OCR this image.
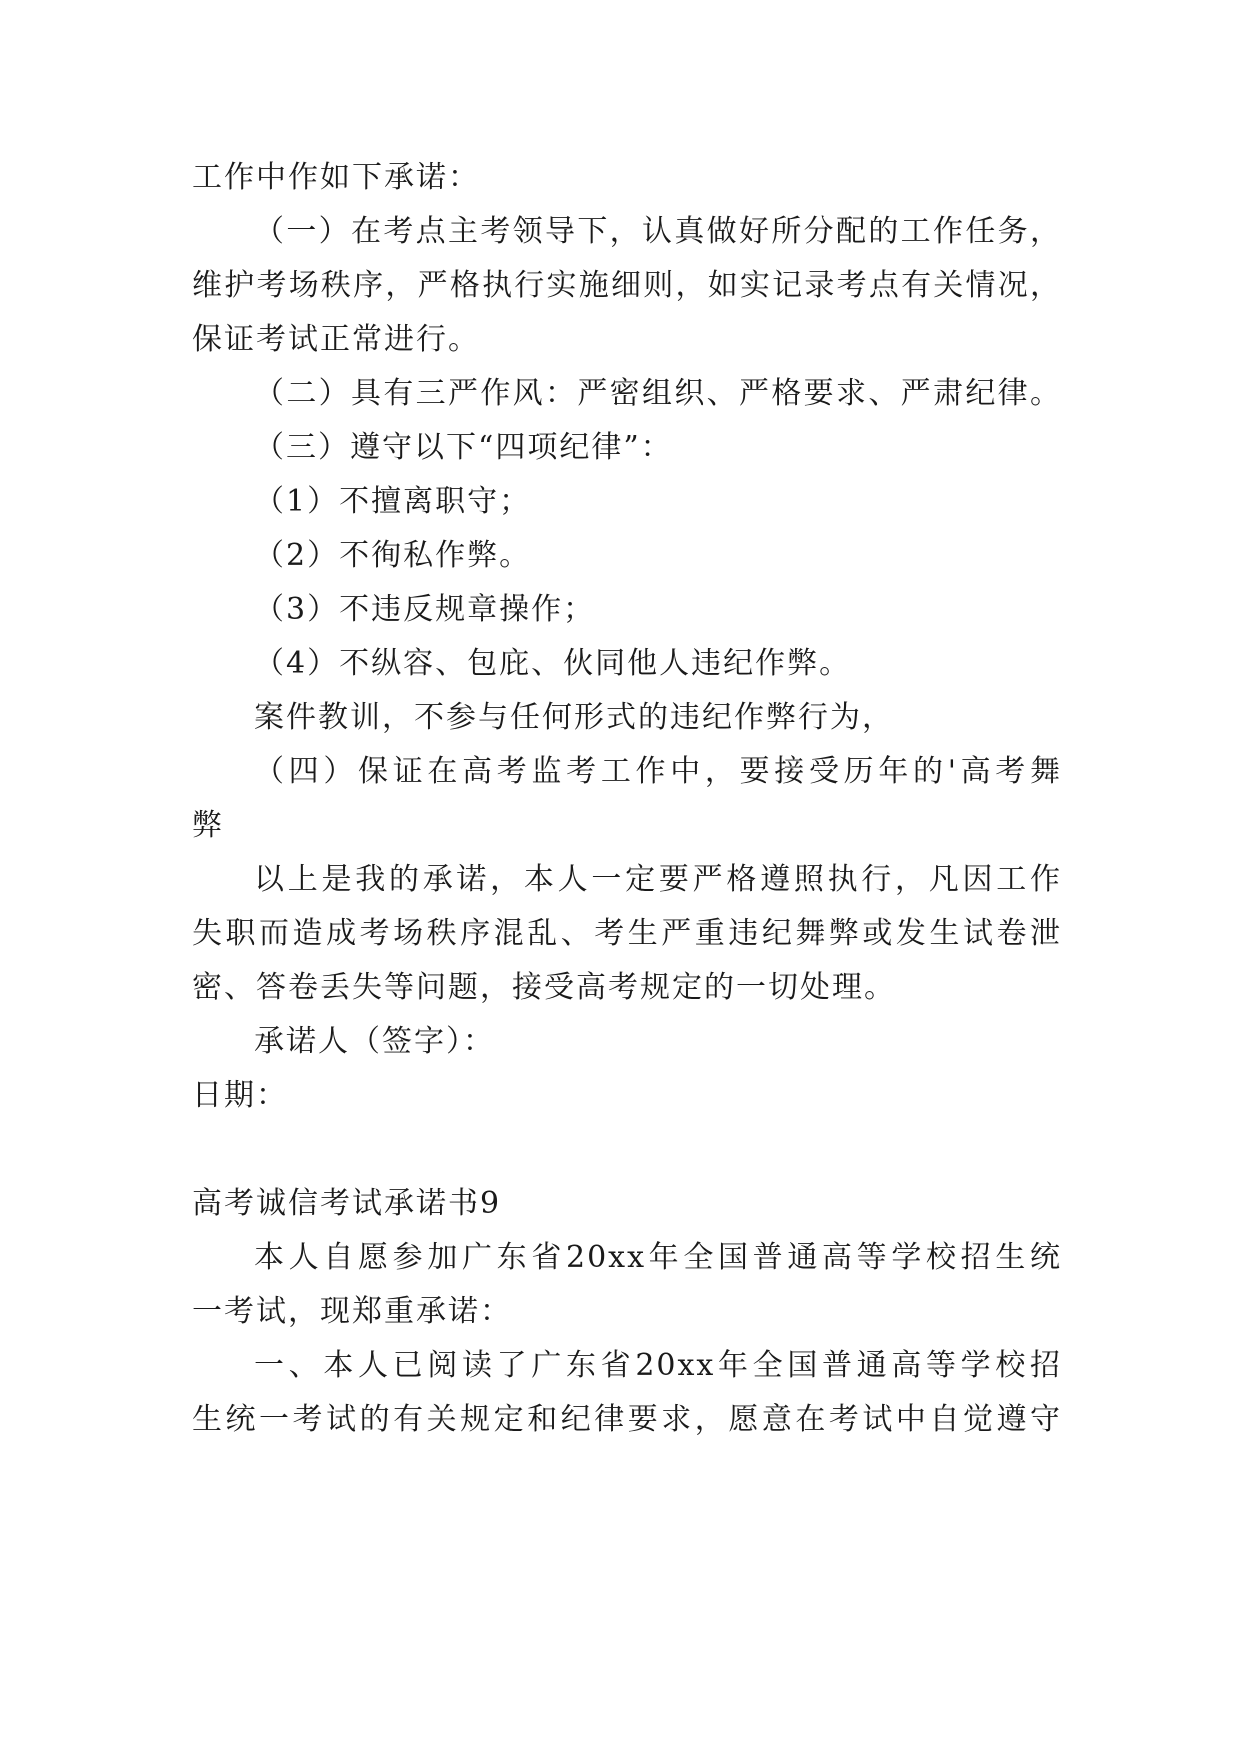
工作中作如下承诺：
（一）在考点主考领导下，认真做好所分配的工作任务，
维护考场秩序，严格执行实施细则，如实记录考点有关情况，
保证考试正常进行。
（二）具有三严作风：严密组织、严格要求、严肃纪律。
（三）遵守以下“四项纪律”：
（1）不擅离职守；
（2）不徇私作弊。
（3）不违反规章操作；
（4）不纵容、包庇、伙同他人违纪作弊。
案件教训，不参与任何形式的违纪作弊行为，
（四）保证在高考监考工作中，要接受历年的'高考舞
弊
以上是我的承诺，本人一定要严格遵照执行，凡因工作
失职而造成考场秩序混乱、考生严重违纪舞弊或发生试卷泄
密、答卷丢失等问题，接受高考规定的一切处理。
承诺人（签字）：
日期：
高考诚信考试承诺书9
本人自愿参加广东省20xx年全国普通高等学校招生统
一考试，现郑重承诺：
一、本人已阅读了广东省20xx年全国普通高等学校招
生统一考试的有关规定和纪律要求，愿意在考试中自觉遵守
